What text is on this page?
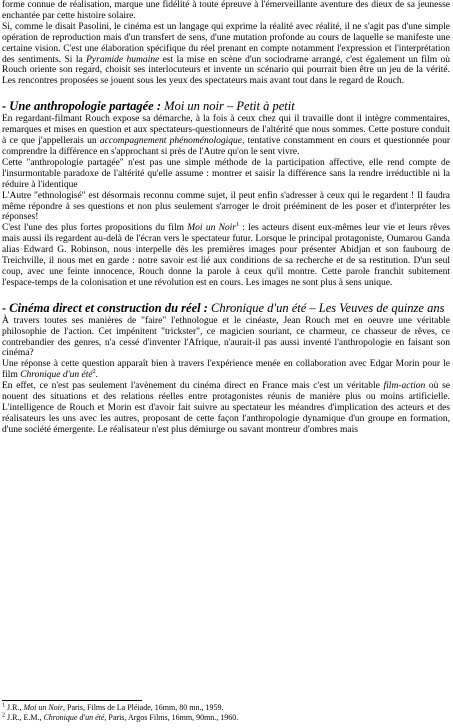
forme connue de réalisation, marque une fidélité à toute épreuve à l'émerveillante aventure des dieux de sa jeunesse enchantée par cette histoire solaire.

Si, comme le disait Pasolini, le cinéma est un langage qui exprime la réalité avec réalité, il ne s'agit pas d'une simple opération de reproduction mais d'un transfert de sens, d'une mutation profonde au cours de laquelle se manifeste une certaine vision. C'est une élaboration spécifique du réel prenant en compte notamment l'expression et l'interprétation des sentiments. Si la Pyramide humaine est la mise en scène d'un sociodrame arrangé, c'est également un film où Rouch oriente son regard, choisit ses interlocuteurs et invente un scénario qui pourrait bien être un jeu de la vérité. Les rencontres proposées se jouent sous les yeux des spectateurs mais avant tout dans le regard de Rouch.

- Une anthropologie partagée : Moi un noir – Petit à petit

En regardant-filmant Rouch expose sa démarche, à la fois à ceux chez qui il travaille dont il intègre commentaires, remarques et mises en question et aux spectateurs-questionneurs de l'altérité que nous sommes. Cette posture conduit à ce que j'appellerais un accompagnement phénoménologique, tentative constamment en cours et questionnée pour comprendre la différence en s'approchant si près de l'Autre qu'on le sent vivre.

Cette "anthropologie partagée" n'est pas une simple méthode de la participation affective, elle rend compte de l'insurmontable paradoxe de l'altérité qu'elle assume : montrer et saisir la différence sans la rendre irréductible ni la réduire à l'identique

L'Autre "ethnologisé" est désormais reconnu comme sujet, il peut enfin s'adresser à ceux qui le regardent ! Il faudra même répondre à ses questions et non plus seulement s'arroger le droit prééminent de les poser et d'interpréter les réponses!

C'est l'une des plus fortes propositions du film Moi un Noir$^1$ : les acteurs disent eux-mêmes leur vie et leurs rêves mais aussi ils regardent au-delà de l'écran vers le spectateur futur. Lorsque le principal protagoniste, Oumarou Ganda alias Edward G. Robinson, nous interpelle dès les premières images pour présenter Abidjan et son faubourg de Treichville, il nous met en garde : notre savoir est lié aux conditions de sa recherche et de sa restitution. D'un seul coup, avec une feinte innocence, Rouch donne la parole à ceux qu'il montre. Cette parole franchit subitement l'espace-temps de la colonisation et une révolution est en cours. Les images ne sont plus à sens unique.

- Cinéma direct et construction du réel : Chronique d'un été – Les Veuves de quinze ans

À travers toutes ses manières de "faire" l'ethnologue et le cinéaste, Jean Rouch met en oeuvre une véritable philosophie de l'action. Cet impénitent "trickster", ce magicien souriant, ce charmeur, ce chasseur de rêves, ce contrebandier des genres, n'a cessé d'inventer l'Afrique, n'aurait-il pas aussi inventé l'anthropologie en faisant son cinéma?

Une réponse à cette question apparaît bien à travers l'expérience menée en collaboration avec Edgar Morin pour le film Chronique d'un été$^2$.

En effet, ce n'est pas seulement l'avènement du cinéma direct en France mais c'est un véritable film-action où se nouent des situations et des relations réelles entre protagonistes réunis de manière plus ou moins artificielle. L'intelligence de Rouch et Morin est d'avoir fait suivre au spectateur les méandres d'implication des acteurs et des réalisateurs les uns avec les autres, proposant de cette façon l'anthropologie dynamique d'un groupe en formation, d'une société émergente. Le réalisateur n'est plus démiurge ou savant montreur d'ombres mais

$^1$ J.R., Moi un Noir, Paris, Films de La Pléiade, 16mm, 80 mn., 1959.

$^2$ J.R., E.M., Chronique d'un été, Paris, Argos Films, 16mm, 90mn., 1960.
